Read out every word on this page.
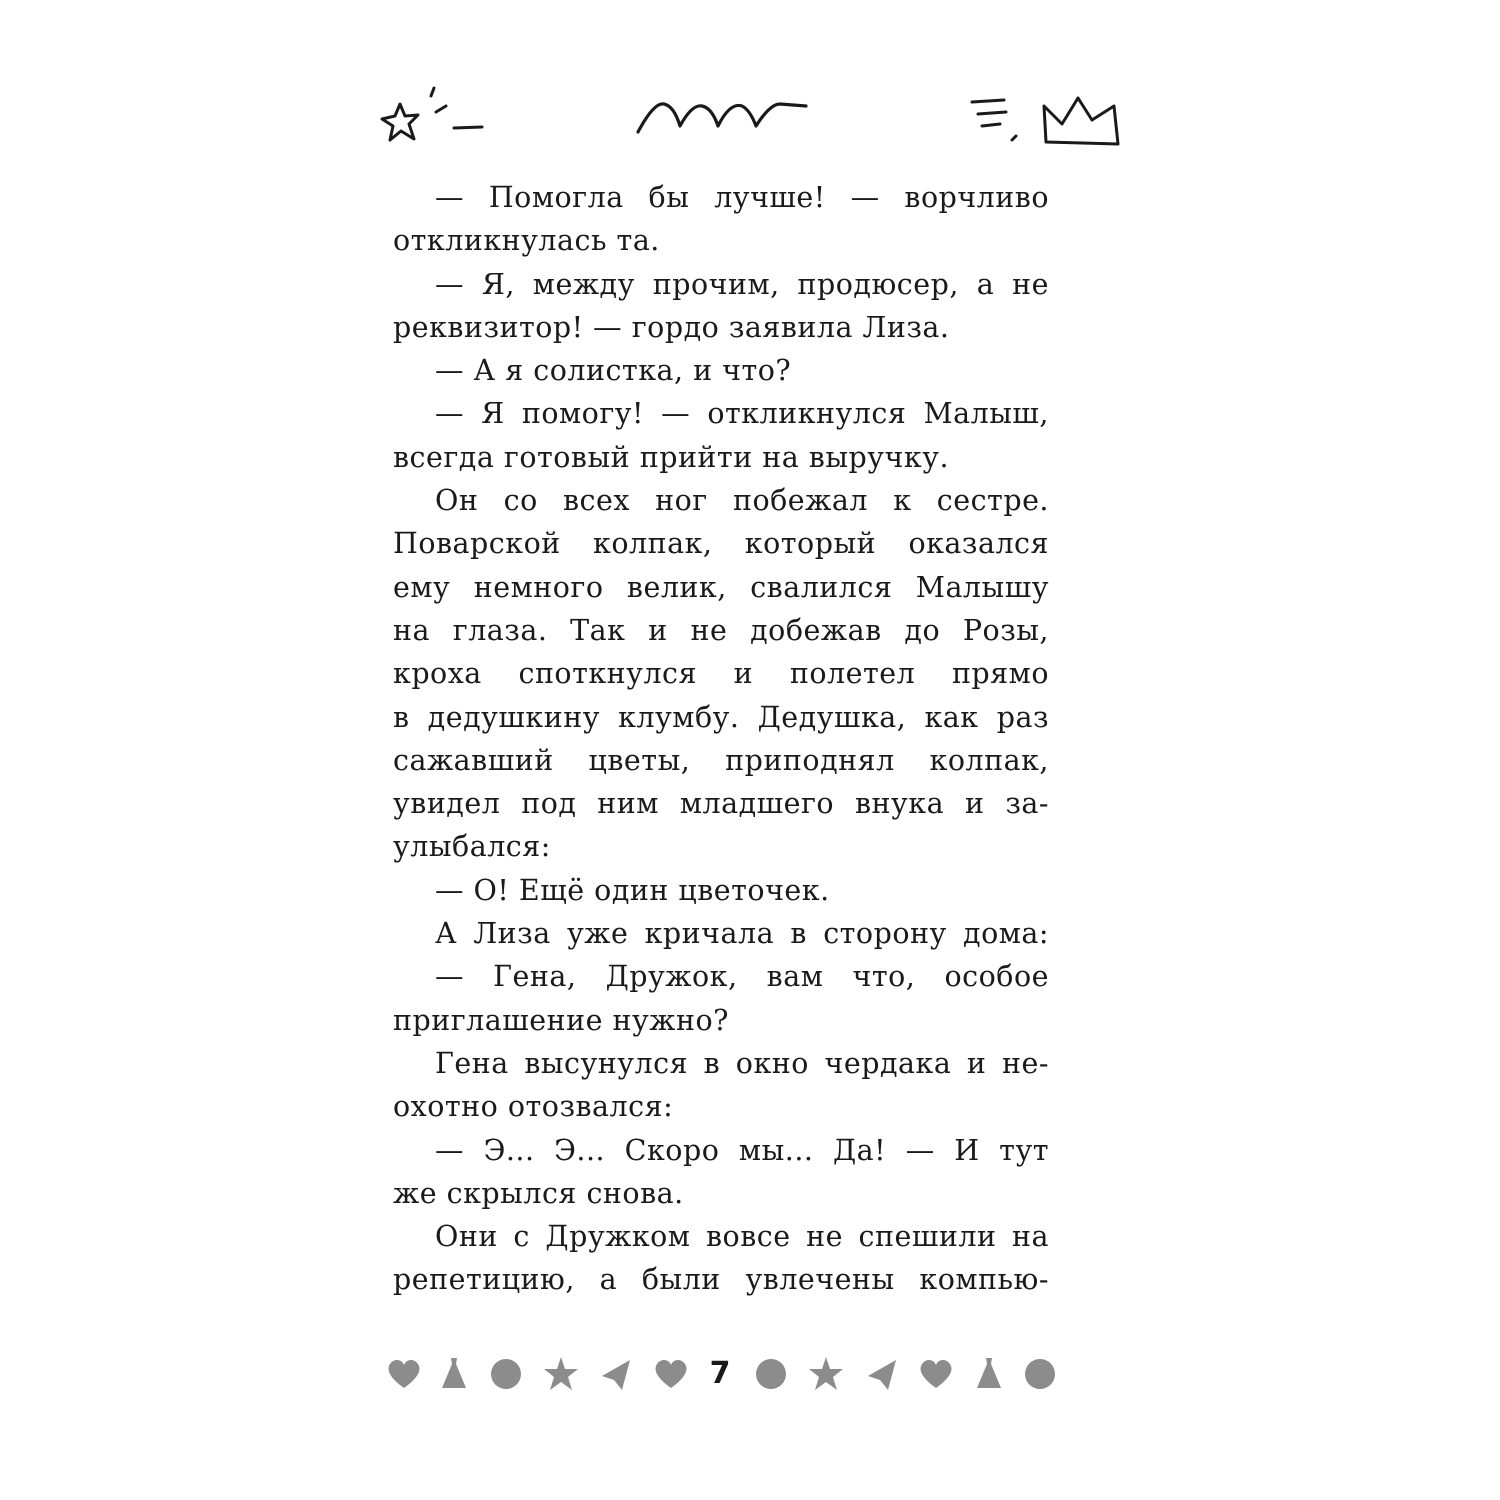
— Помогла бы лучше! — ворчливо
откликнулась та.
— Я, между прочим, продюсер, а не
реквизитор! — гордо заявила Лиза.
— А я солистка, и что?
— Я помогу! — откликнулся Малыш,
всегда готовый прийти на выручку.
Он со всех ног побежал к сестре.
Поварской колпак, который оказался
ему немного велик, свалился Малышу
на глаза. Так и не добежав до Розы,
кроха споткнулся и полетел прямо
в дедушкину клумбу. Дедушка, как раз
сажавший цветы, приподнял колпак,
увидел под ним младшего внука и за-
улыбался:
— О! Ещё один цветочек.
А Лиза уже кричала в сторону дома:
— Гена, Дружок, вам что, особое
приглашение нужно?
Гена высунулся в окно чердака и не-
охотно отозвался:
— Э... Э... Скоро мы... Да! — И тут
же скрылся снова.
Они с Дружком вовсе не спешили на
репетицию, а были увлечены компью-
7
